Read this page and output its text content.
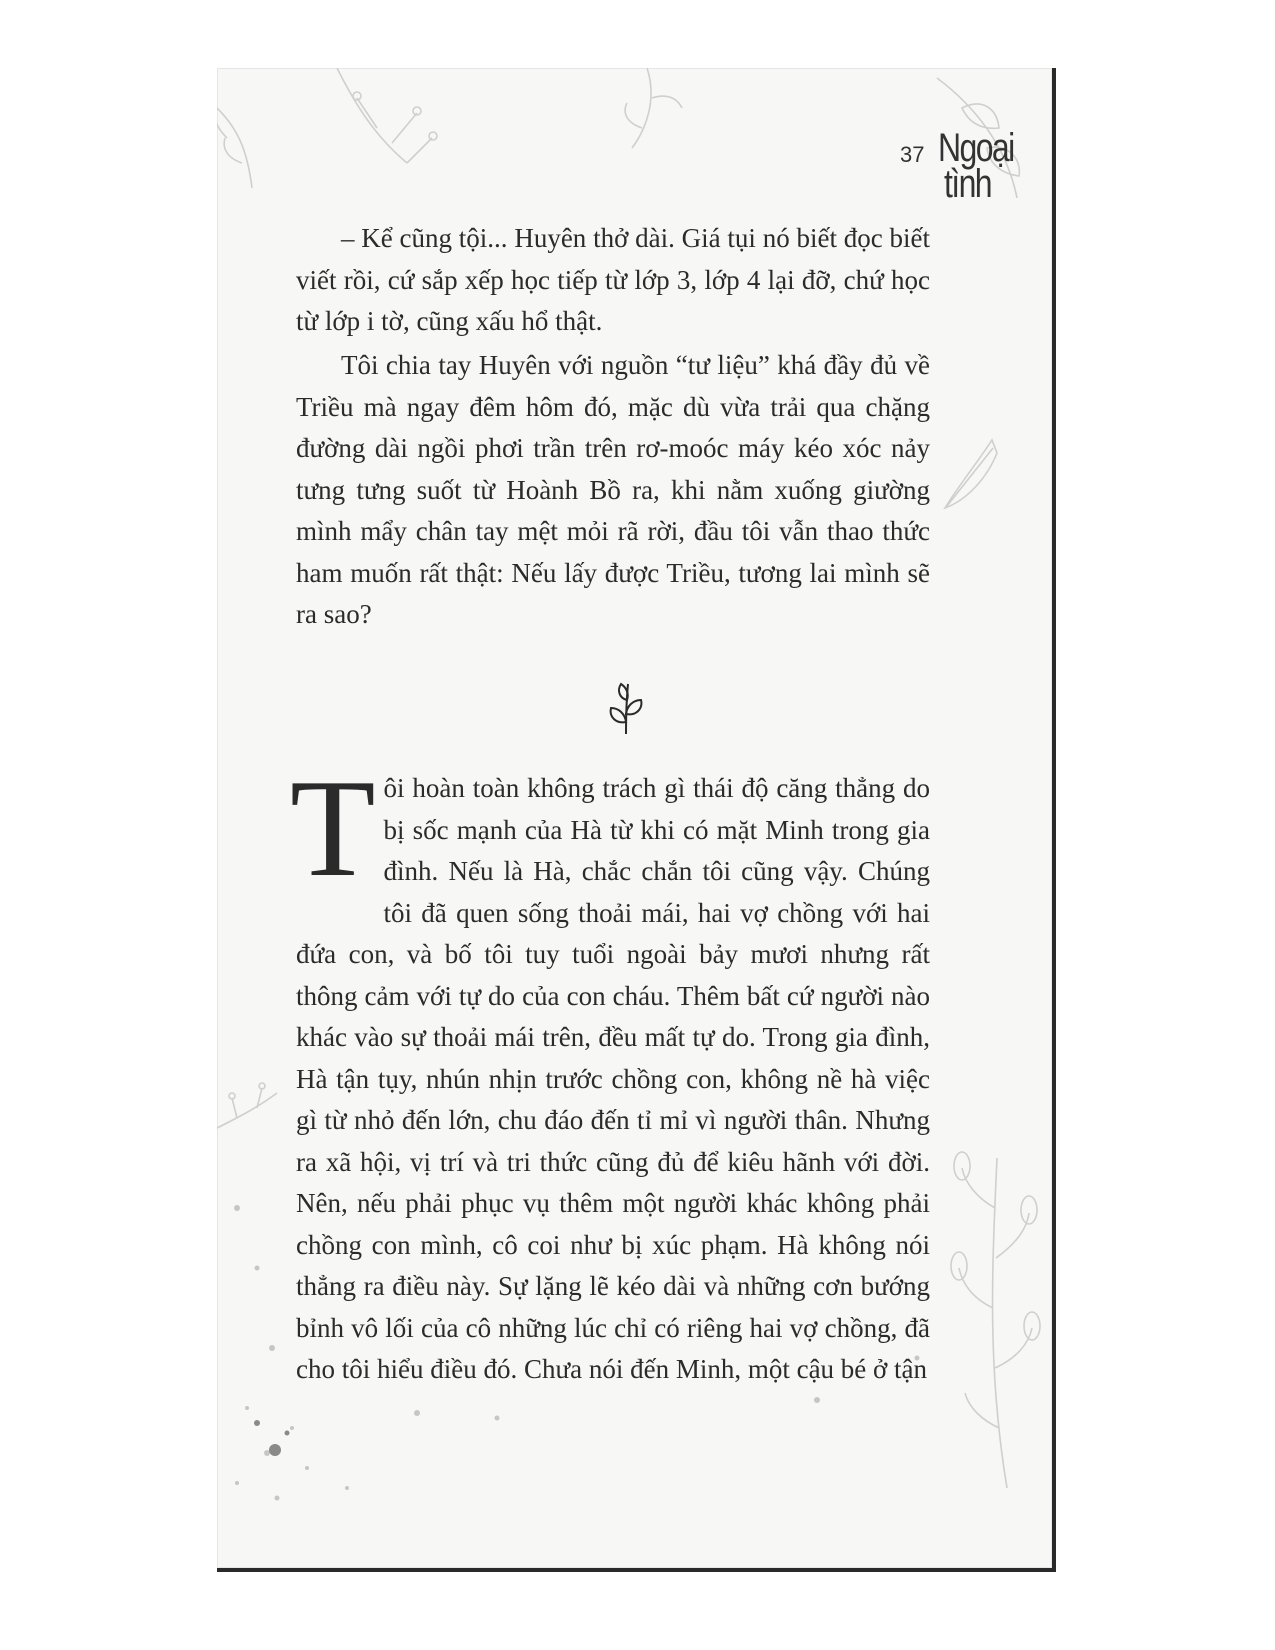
37 Ngoại
tình

– Kể cũng tội... Huyên thở dài. Giá tụi nó biết đọc biết viết rồi, cứ sắp xếp học tiếp từ lớp 3, lớp 4 lại đỡ, chứ học từ lớp i tờ, cũng xấu hổ thật.

Tôi chia tay Huyên với nguồn “tư liệu” khá đầy đủ về Triều mà ngay đêm hôm đó, mặc dù vừa trải qua chặng đường dài ngồi phơi trần trên rơ-moóc máy kéo xóc nảy tưng tưng suốt từ Hoành Bồ ra, khi nằm xuống giường mình mẩy chân tay mệt mỏi rã rời, đầu tôi vẫn thao thức ham muốn rất thật: Nếu lấy được Triều, tương lai mình sẽ ra sao?

Tôi hoàn toàn không trách gì thái độ căng thẳng do bị sốc mạnh của Hà từ khi có mặt Minh trong gia đình. Nếu là Hà, chắc chắn tôi cũng vậy. Chúng tôi đã quen sống thoải mái, hai vợ chồng với hai đứa con, và bố tôi tuy tuổi ngoài bảy mươi nhưng rất thông cảm với tự do của con cháu. Thêm bất cứ người nào khác vào sự thoải mái trên, đều mất tự do. Trong gia đình, Hà tận tụy, nhún nhịn trước chồng con, không nề hà việc gì từ nhỏ đến lớn, chu đáo đến tỉ mỉ vì người thân. Nhưng ra xã hội, vị trí và tri thức cũng đủ để kiêu hãnh với đời. Nên, nếu phải phục vụ thêm một người khác không phải chồng con mình, cô coi như bị xúc phạm. Hà không nói thẳng ra điều này. Sự lặng lẽ kéo dài và những cơn bướng bỉnh vô lối của cô những lúc chỉ có riêng hai vợ chồng, đã cho tôi hiểu điều đó. Chưa nói đến Minh, một cậu bé ở tận
